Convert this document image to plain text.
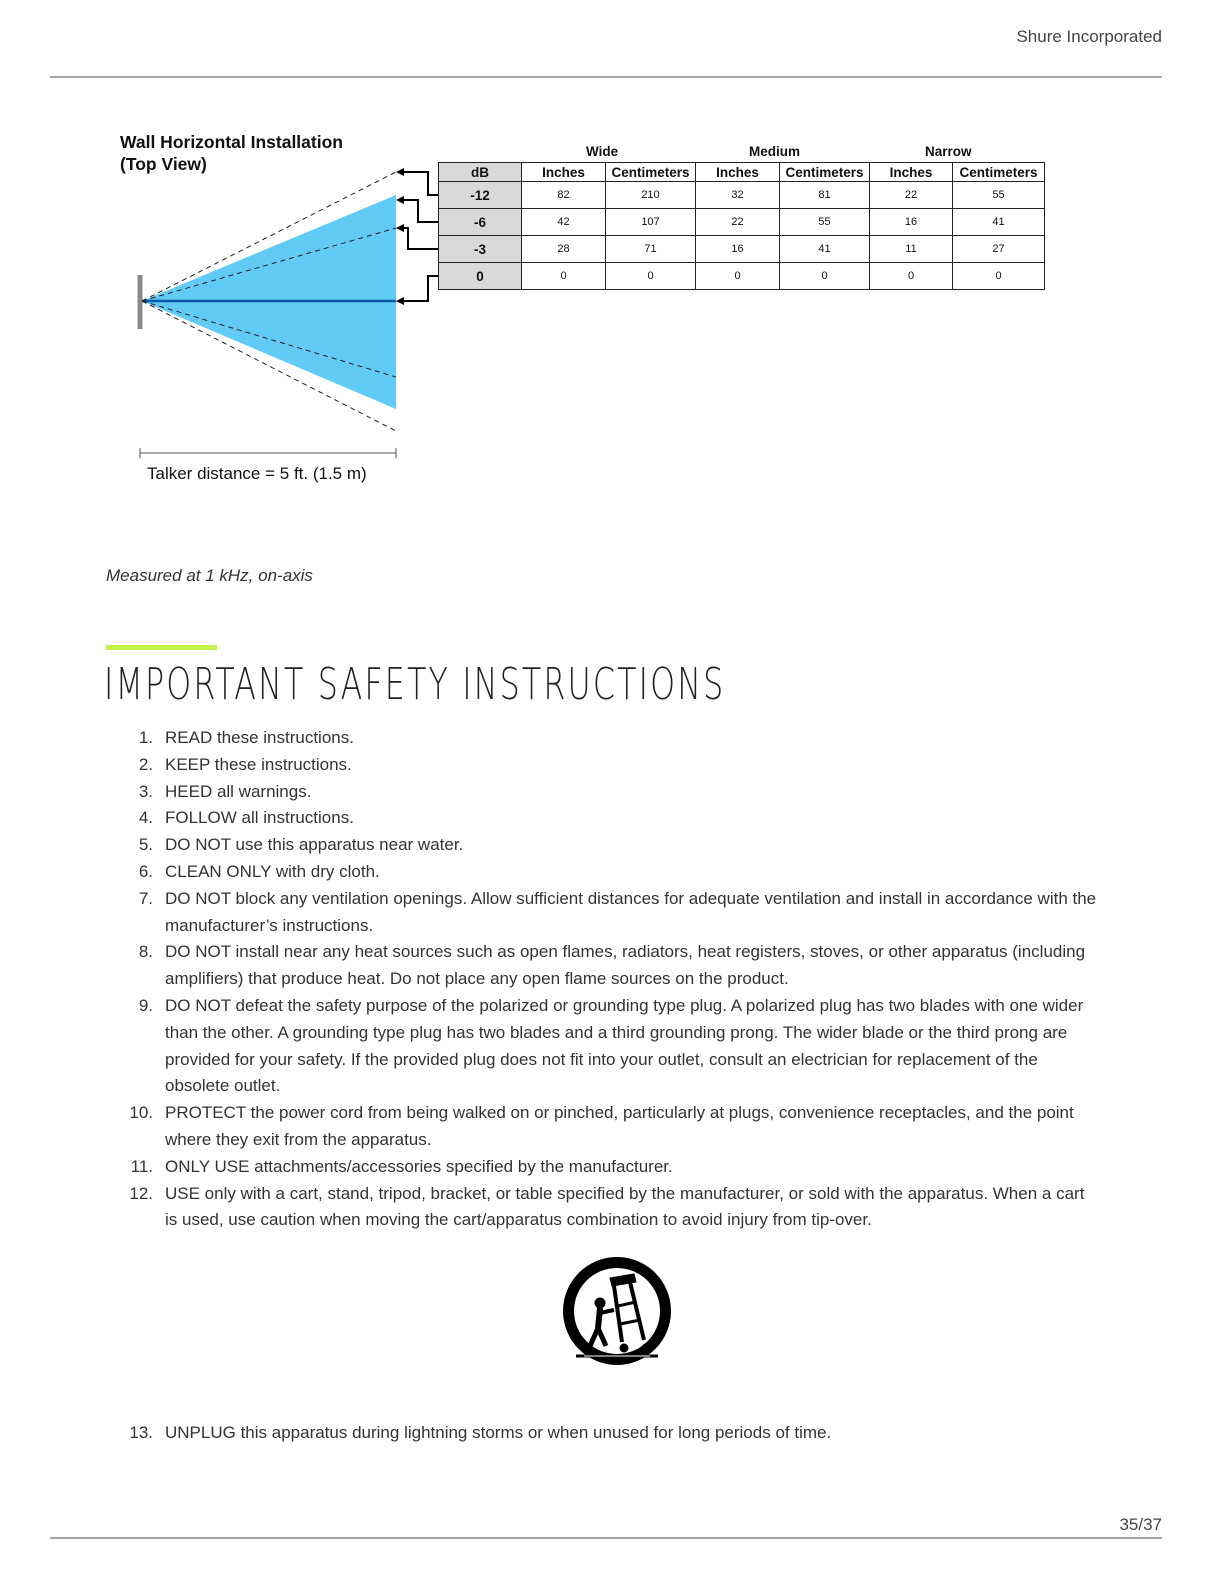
Shure Incorporated
Wall Horizontal Installation
(Top View)
Talker distance = 5 ft. (1.5 m)
Wide	Medium	Narrow
dB	Inches	Centimeters	Inches	Centimeters	Inches	Centimeters
-12	82	210	32	81	22	55
-6	42	107	22	55	16	41
-3	28	71	16	41	11	27
0	0	0	0	0	0	0
Measured at 1 kHz, on-axis
IMPORTANT SAFETY INSTRUCTIONS
1. READ these instructions.
2. KEEP these instructions.
3. HEED all warnings.
4. FOLLOW all instructions.
5. DO NOT use this apparatus near water.
6. CLEAN ONLY with dry cloth.
7. DO NOT block any ventilation openings. Allow sufficient distances for adequate ventilation and install in accordance with the manufacturer’s instructions.
8. DO NOT install near any heat sources such as open flames, radiators, heat registers, stoves, or other apparatus (including amplifiers) that produce heat. Do not place any open flame sources on the product.
9. DO NOT defeat the safety purpose of the polarized or grounding type plug. A polarized plug has two blades with one wider than the other. A grounding type plug has two blades and a third grounding prong. The wider blade or the third prong are provided for your safety. If the provided plug does not fit into your outlet, consult an electrician for replacement of the obsolete outlet.
10. PROTECT the power cord from being walked on or pinched, particularly at plugs, convenience receptacles, and the point where they exit from the apparatus.
11. ONLY USE attachments/accessories specified by the manufacturer.
12. USE only with a cart, stand, tripod, bracket, or table specified by the manufacturer, or sold with the apparatus. When a cart is used, use caution when moving the cart/apparatus combination to avoid injury from tip-over.
13. UNPLUG this apparatus during lightning storms or when unused for long periods of time.
35/37
